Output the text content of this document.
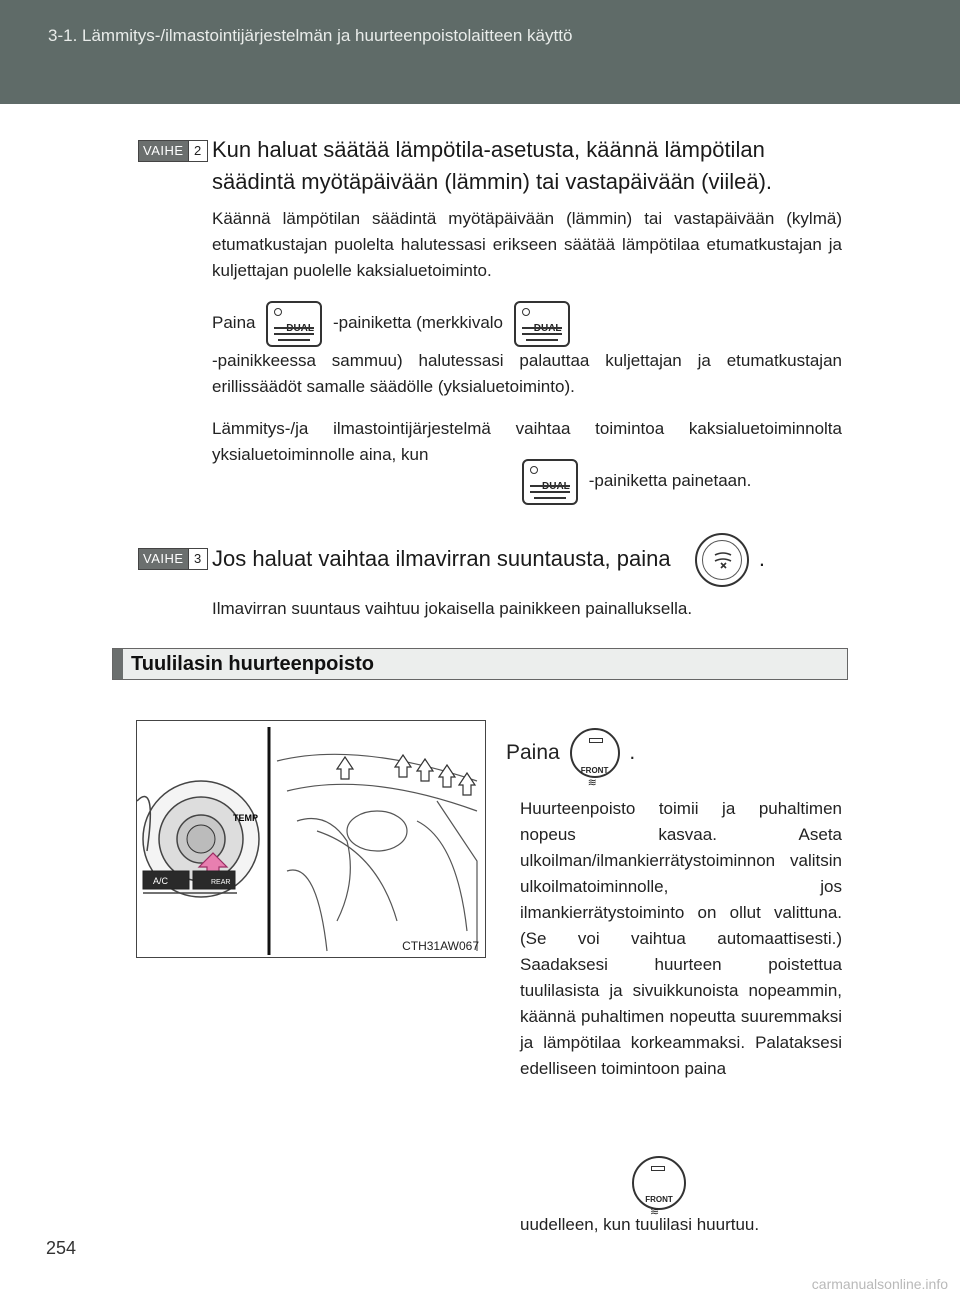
3-1. Lämmitys-/ilmastointijärjestelmän ja huurteenpoistolaitteen käyttö
VAIHE 2 Kun haluat säätää lämpötila-asetusta, käännä lämpötilan säädintä myötäpäivään (lämmin) tai vastapäivään (viileä).
Käännä lämpötilan säädintä myötäpäivään (lämmin) tai vastapäivään (kylmä) etumatkustajan puolelta halutessasi erikseen säätää lämpötilaa etumatkustajan ja kuljettajan puolelle kaksialuetoiminto.
Paina	-painiketta (merkkivalo
-painikkeessa sammuu) halutessasi palauttaa kuljettajan ja etumatkustajan erillissäädöt samalle säädölle (yksialuetoiminto).
Lämmitys-/ja ilmastointijärjestelmä vaihtaa toimintoa kaksialuetoiminnolta yksialuetoiminnolle aina, kun
-painiketta painetaan.
VAIHE 3 Jos haluat vaihtaa ilmavirran suuntausta, paina	.
Ilmavirran suuntaus vaihtuu jokaisella painikkeen painalluksella.
Tuulilasin huurteenpoisto
TEMP
A/C	REAR
CTH31AW067
Paina
FRONT
≋
.
Huurteenpoisto toimii ja puhaltimen nopeus kasvaa. Aseta ulkoilman/ilmankierrätystoiminnon valitsin ulkoilmatoiminnolle, jos ilmankierrätystoiminto on ollut valittuna. (Se voi vaihtua automaattisesti.) Saadaksesi huurteen poistettua tuulilasista ja sivuikkunoista nopeammin, käännä puhaltimen nopeutta suuremmaksi ja lämpötilaa korkeammaksi. Palataksesi edelliseen toimintoon paina
FRONT
≋
uudelleen, kun tuulilasi huurtuu.
254
carmanualsonline.info
